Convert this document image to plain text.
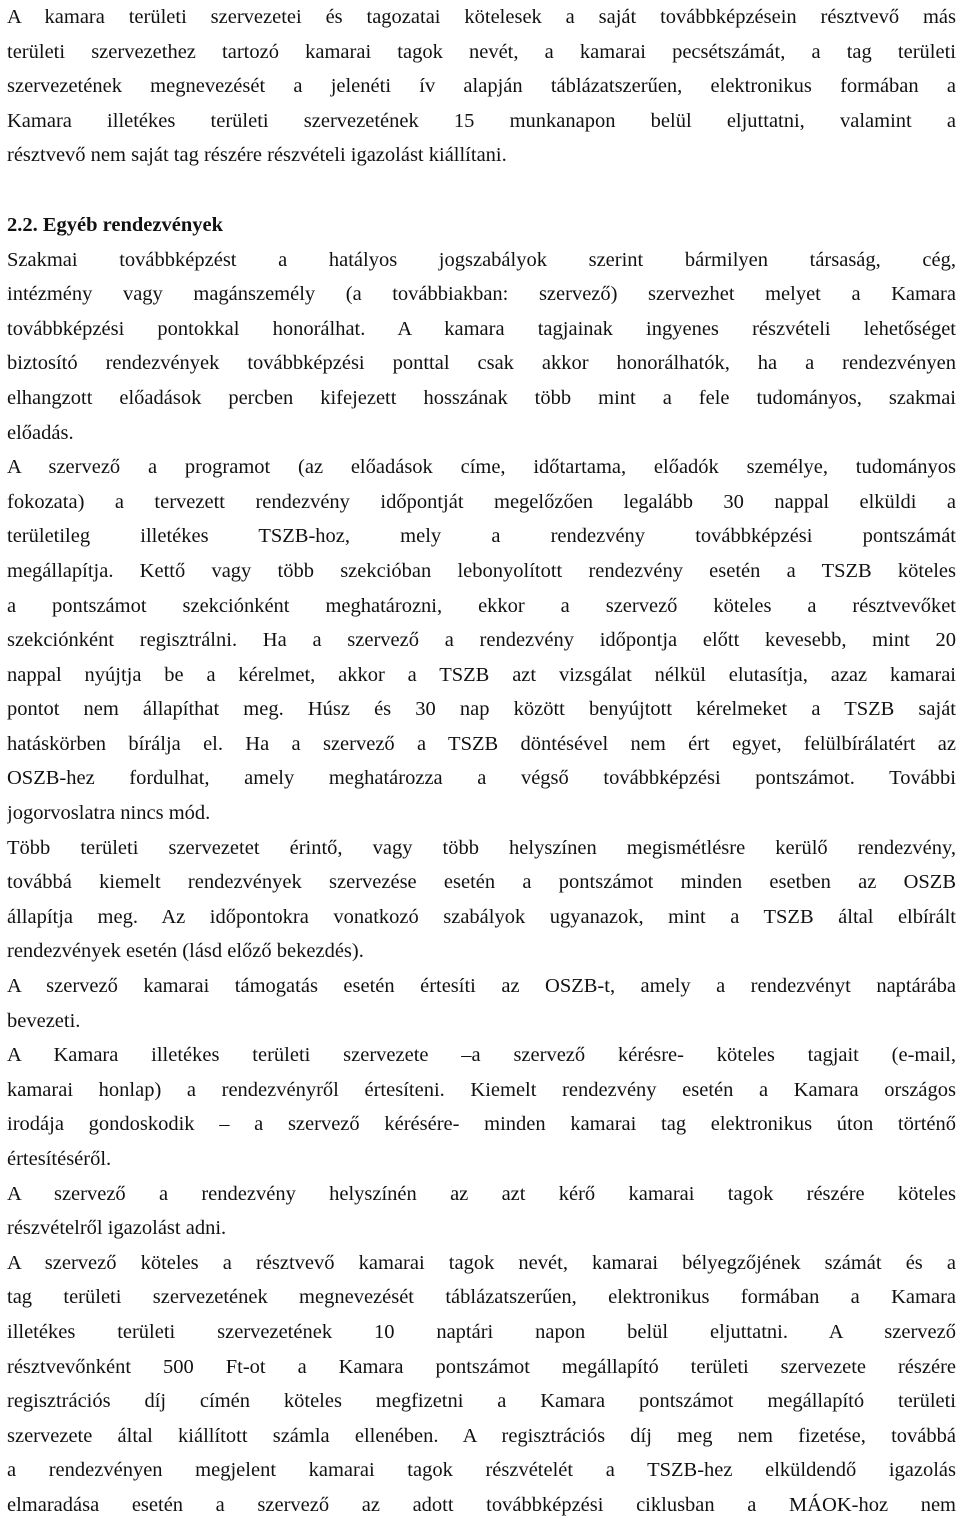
A kamara területi szervezetei és tagozatai kötelesek a saját továbbképzésein résztvevő más
területi szervezethez tartozó kamarai tagok nevét, a kamarai pecsétszámát, a tag területi
szervezetének megnevezését a jelenéti ív alapján táblázatszerűen, elektronikus formában a
Kamara illetékes területi szervezetének 15 munkanapon belül eljuttatni, valamint a
résztvevő nem saját tag részére részvételi igazolást kiállítani.
2.2. Egyéb rendezvények
Szakmai továbbképzést a hatályos jogszabályok szerint bármilyen társaság, cég,
intézmény vagy magánszemély (a továbbiakban: szervező) szervezhet melyet a Kamara
továbbképzési pontokkal honorálhat. A kamara tagjainak ingyenes részvételi lehetőséget
biztosító rendezvények továbbképzési ponttal csak akkor honorálhatók, ha a rendezvényen
elhangzott előadások percben kifejezett hosszának több mint a fele tudományos, szakmai
előadás.
A szervező a programot (az előadások címe, időtartama, előadók személye, tudományos
fokozata) a tervezett rendezvény időpontját megelőzően legalább 30 nappal elküldi a
területileg illetékes TSZB-hoz, mely a rendezvény továbbképzési pontszámát
megállapítja. Kettő vagy több szekcióban lebonyolított rendezvény esetén a TSZB köteles
a pontszámot szekciónként meghatározni, ekkor a szervező köteles a résztvevőket
szekciónként regisztrálni. Ha a szervező a rendezvény időpontja előtt kevesebb, mint 20
nappal nyújtja be a kérelmet, akkor a TSZB azt vizsgálat nélkül elutasítja, azaz kamarai
pontot nem állapíthat meg. Húsz és 30 nap között benyújtott kérelmeket a TSZB saját
hatáskörben bírálja el. Ha a szervező a TSZB döntésével nem ért egyet, felülbírálatért az
OSZB-hez fordulhat, amely meghatározza a végső továbbképzési pontszámot. További
jogorvoslatra nincs mód.
Több területi szervezetet érintő, vagy több helyszínen megismétlésre kerülő rendezvény,
továbbá kiemelt rendezvények szervezése esetén a pontszámot minden esetben az OSZB
állapítja meg. Az időpontokra vonatkozó szabályok ugyanazok, mint a TSZB által elbírált
rendezvények esetén (lásd előző bekezdés).
A szervező kamarai támogatás esetén értesíti az OSZB-t, amely a rendezvényt naptárába
bevezeti.
A Kamara illetékes területi szervezete –a szervező kérésre- köteles tagjait (e-mail,
kamarai honlap) a rendezvényről értesíteni. Kiemelt rendezvény esetén a Kamara országos
irodája gondoskodik – a szervező kérésére- minden kamarai tag elektronikus úton történő
értesítéséről.
A szervező a rendezvény helyszínén az azt kérő kamarai tagok részére köteles
részvételről igazolást adni.
A szervező köteles a résztvevő kamarai tagok nevét, kamarai bélyegzőjének számát és a
tag területi szervezetének megnevezését táblázatszerűen, elektronikus formában a Kamara
illetékes területi szervezetének 10 naptári napon belül eljuttatni. A szervező
résztvevőnként 500 Ft-ot a Kamara pontszámot megállapító területi szervezete részére
regisztrációs díj címén köteles megfizetni a Kamara pontszámot megállapító területi
szervezete által kiállított számla ellenében. A regisztrációs díj meg nem fizetése, továbbá
a rendezvényen megjelent kamarai tagok részvételét a TSZB-hez elküldendő igazolás
elmaradása esetén a szervező az adott továbbképzési ciklusban a MÁOK-hoz nem
